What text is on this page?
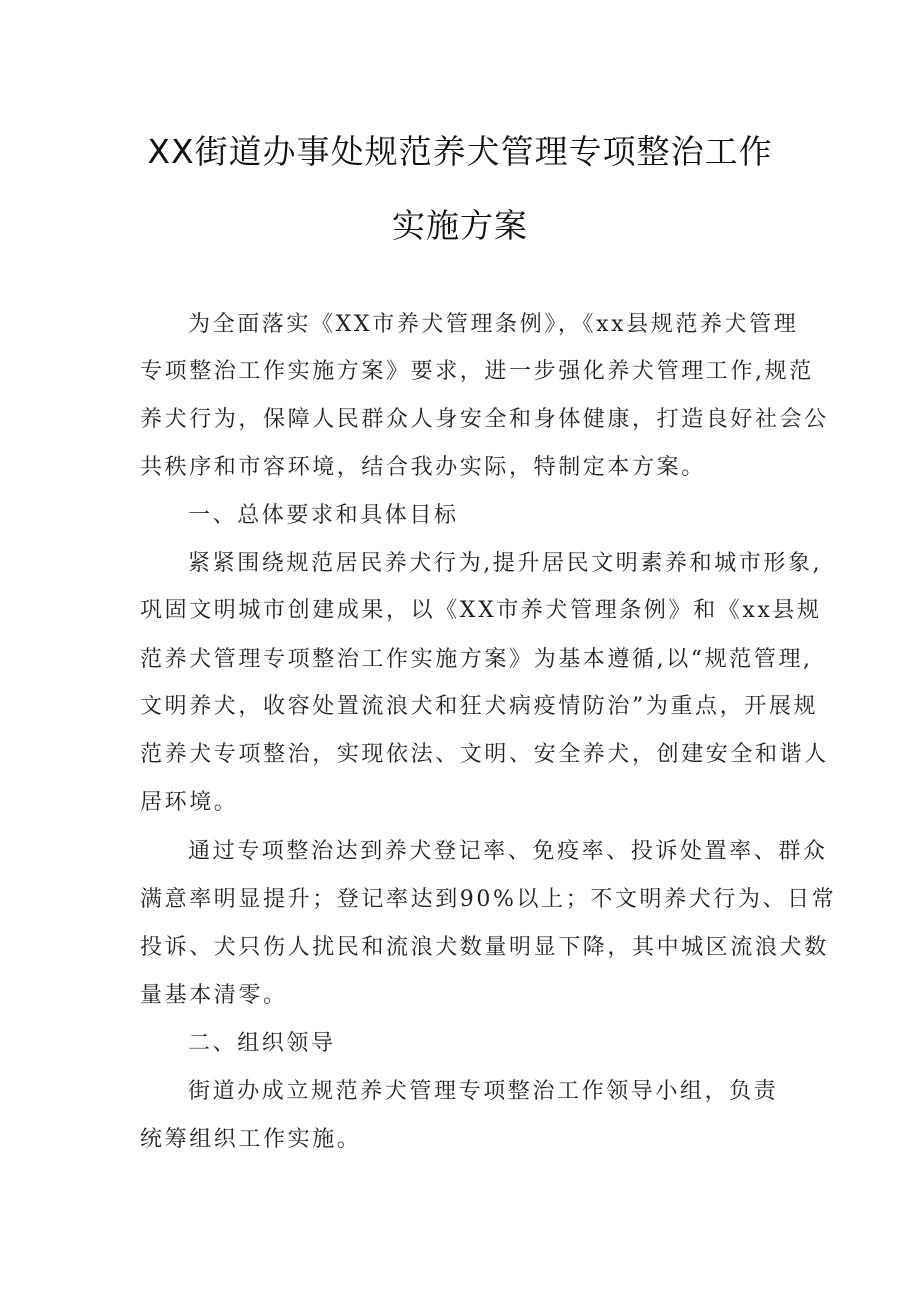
XX街道办事处规范养犬管理专项整治工作
实施方案

为全面落实《XX市养犬管理条例》，《xx县规范养犬管理

专项整治工作实施方案》要求，进一步强化养犬管理工作,规范

养犬行为，保障人民群众人身安全和身体健康，打造良好社会公

共秩序和市容环境，结合我办实际，特制定本方案。

一、总体要求和具体目标

紧紧围绕规范居民养犬行为,提升居民文明素养和城市形象,

巩固文明城市创建成果，以《XX市养犬管理条例》和《xx县规

范养犬管理专项整治工作实施方案》为基本遵循,以“规范管理,

文明养犬，收容处置流浪犬和狂犬病疫情防治”为重点，开展规

范养犬专项整治，实现依法、文明、安全养犬，创建安全和谐人

居环境。

通过专项整治达到养犬登记率、免疫率、投诉处置率、群众

满意率明显提升；登记率达到90%以上；不文明养犬行为、日常

投诉、犬只伤人扰民和流浪犬数量明显下降，其中城区流浪犬数

量基本清零。

二、组织领导

街道办成立规范养犬管理专项整治工作领导小组，负责

统筹组织工作实施。
